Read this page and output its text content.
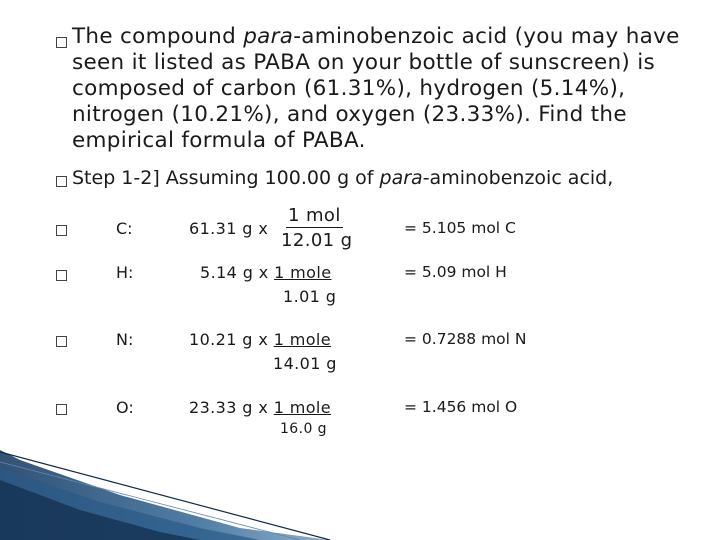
The compound para-aminobenzoic acid (you may have seen it listed as PABA on your bottle of sunscreen) is composed of carbon (61.31%), hydrogen (5.14%), nitrogen (10.21%), and oxygen (23.33%). Find the empirical formula of PABA.
Step 1-2] Assuming 100.00 g of para-aminobenzoic acid,
C:	61.31 g x
1 mol
12.01 g
= 5.105 mol C
H:	5.14 g x 1 mole
1.01 g
= 5.09 mol H
N:	10.21 g x 1 mole
14.01 g
= 0.7288 mol N
O:	23.33 g x 1 mole
16.0 g
= 1.456 mol O
